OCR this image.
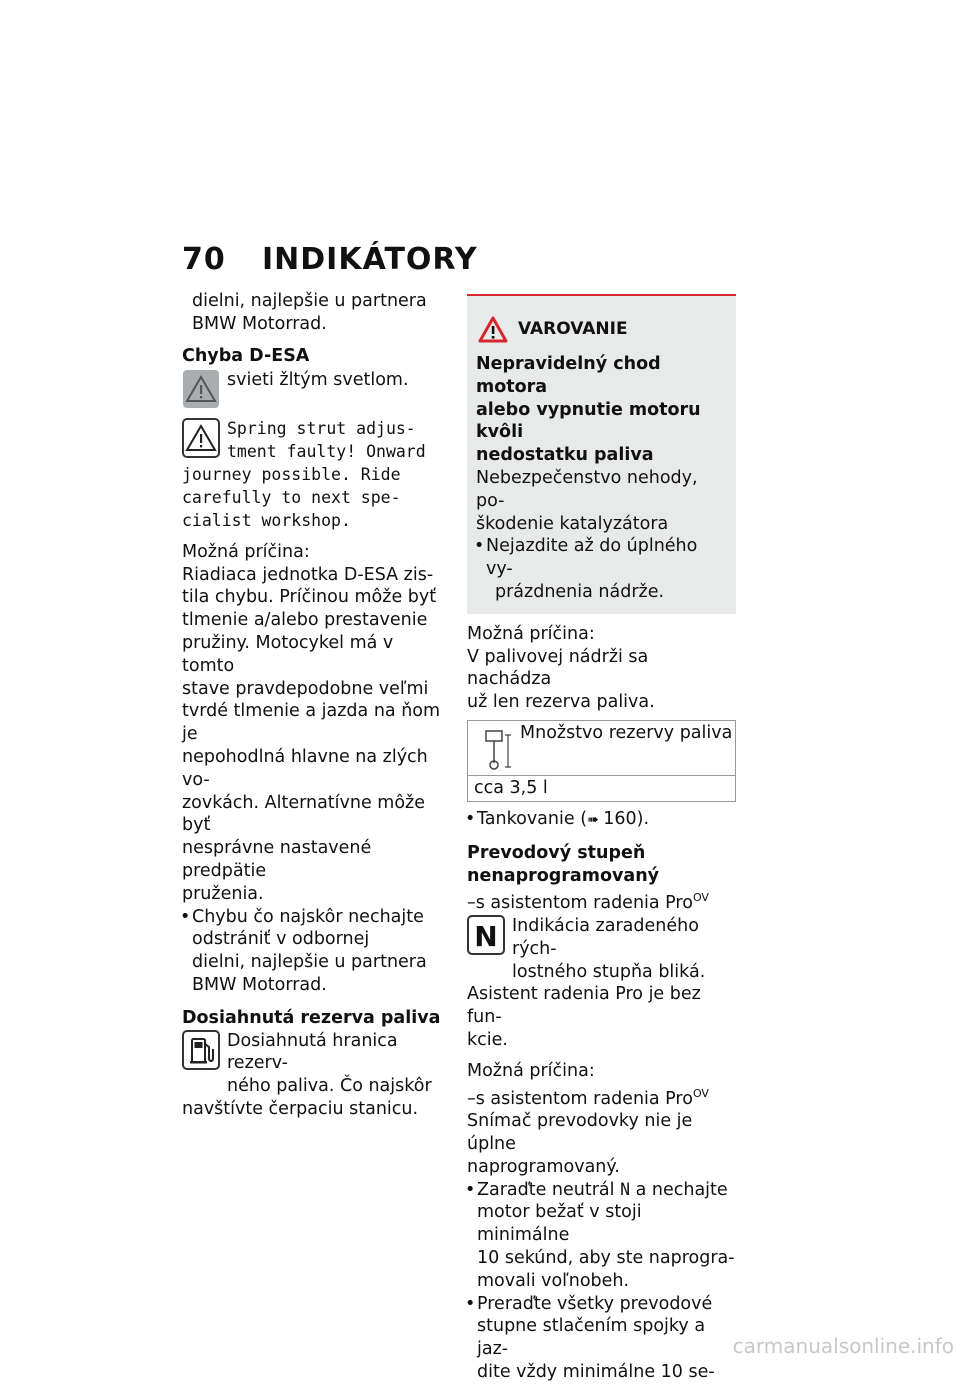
70 INDIKÁTORY

dielni, najlepšie u partnera

BMW Motorrad.

Chyba D-ESA

svieti žltým svetlom.

Spring strut adjus-

tment faulty! Onward

journey possible. Ride

carefully to next spe-

cialist workshop.

Možná príčina:

Riadiaca jednotka D-ESA zis-

tila chybu. Príčinou môže byť

tlmenie a/alebo prestavenie

pružiny. Motocykel má v tomto

stave pravdepodobne veľmi

tvrdé tlmenie a jazda na ňom je

nepohodlná hlavne na zlých vo-

zovkách. Alternatívne môže byť

nesprávne nastavené predpätie

pruženia.

• Chybu čo najskôr nechajte

odstrániť v odbornej

dielni, najlepšie u partnera

BMW Motorrad.

Dosiahnutá rezerva paliva

Dosiahnutá hranica rezerv-

ného paliva. Čo najskôr

navštívte čerpaciu stanicu.

VAROVANIE

Nepravidelný chod motora

alebo vypnutie motoru kvôli

nedostatku paliva

Nebezpečenstvo nehody, po-

škodenie katalyzátora

• Nejazdite až do úplného vy-

prázdnenia nádrže.

Možná príčina:

V palivovej nádrži sa nachádza

už len rezerva paliva.

Množstvo rezervy paliva
cca 3,5 l

• Tankovanie (➠ 160).

Prevodový stupeň

nenaprogramovaný

–s asistentom radenia Pro$^{OV}$

N Indikácia zaradeného rých-

lostného stupňa bliká.

Asistent radenia Pro je bez fun-

kcie.

Možná príčina:

–s asistentom radenia Pro$^{OV}$

Snímač prevodovky nie je úplne

naprogramovaný.

• Zaraďte neutrál N a nechajte

motor bežať v stoji minimálne

10 sekúnd, aby ste naprogra-

movali voľnobeh.

• Preraďte všetky prevodové

stupne stlačením spojky a jaz-

dite vždy minimálne 10 se-

carmanualsonline.info
